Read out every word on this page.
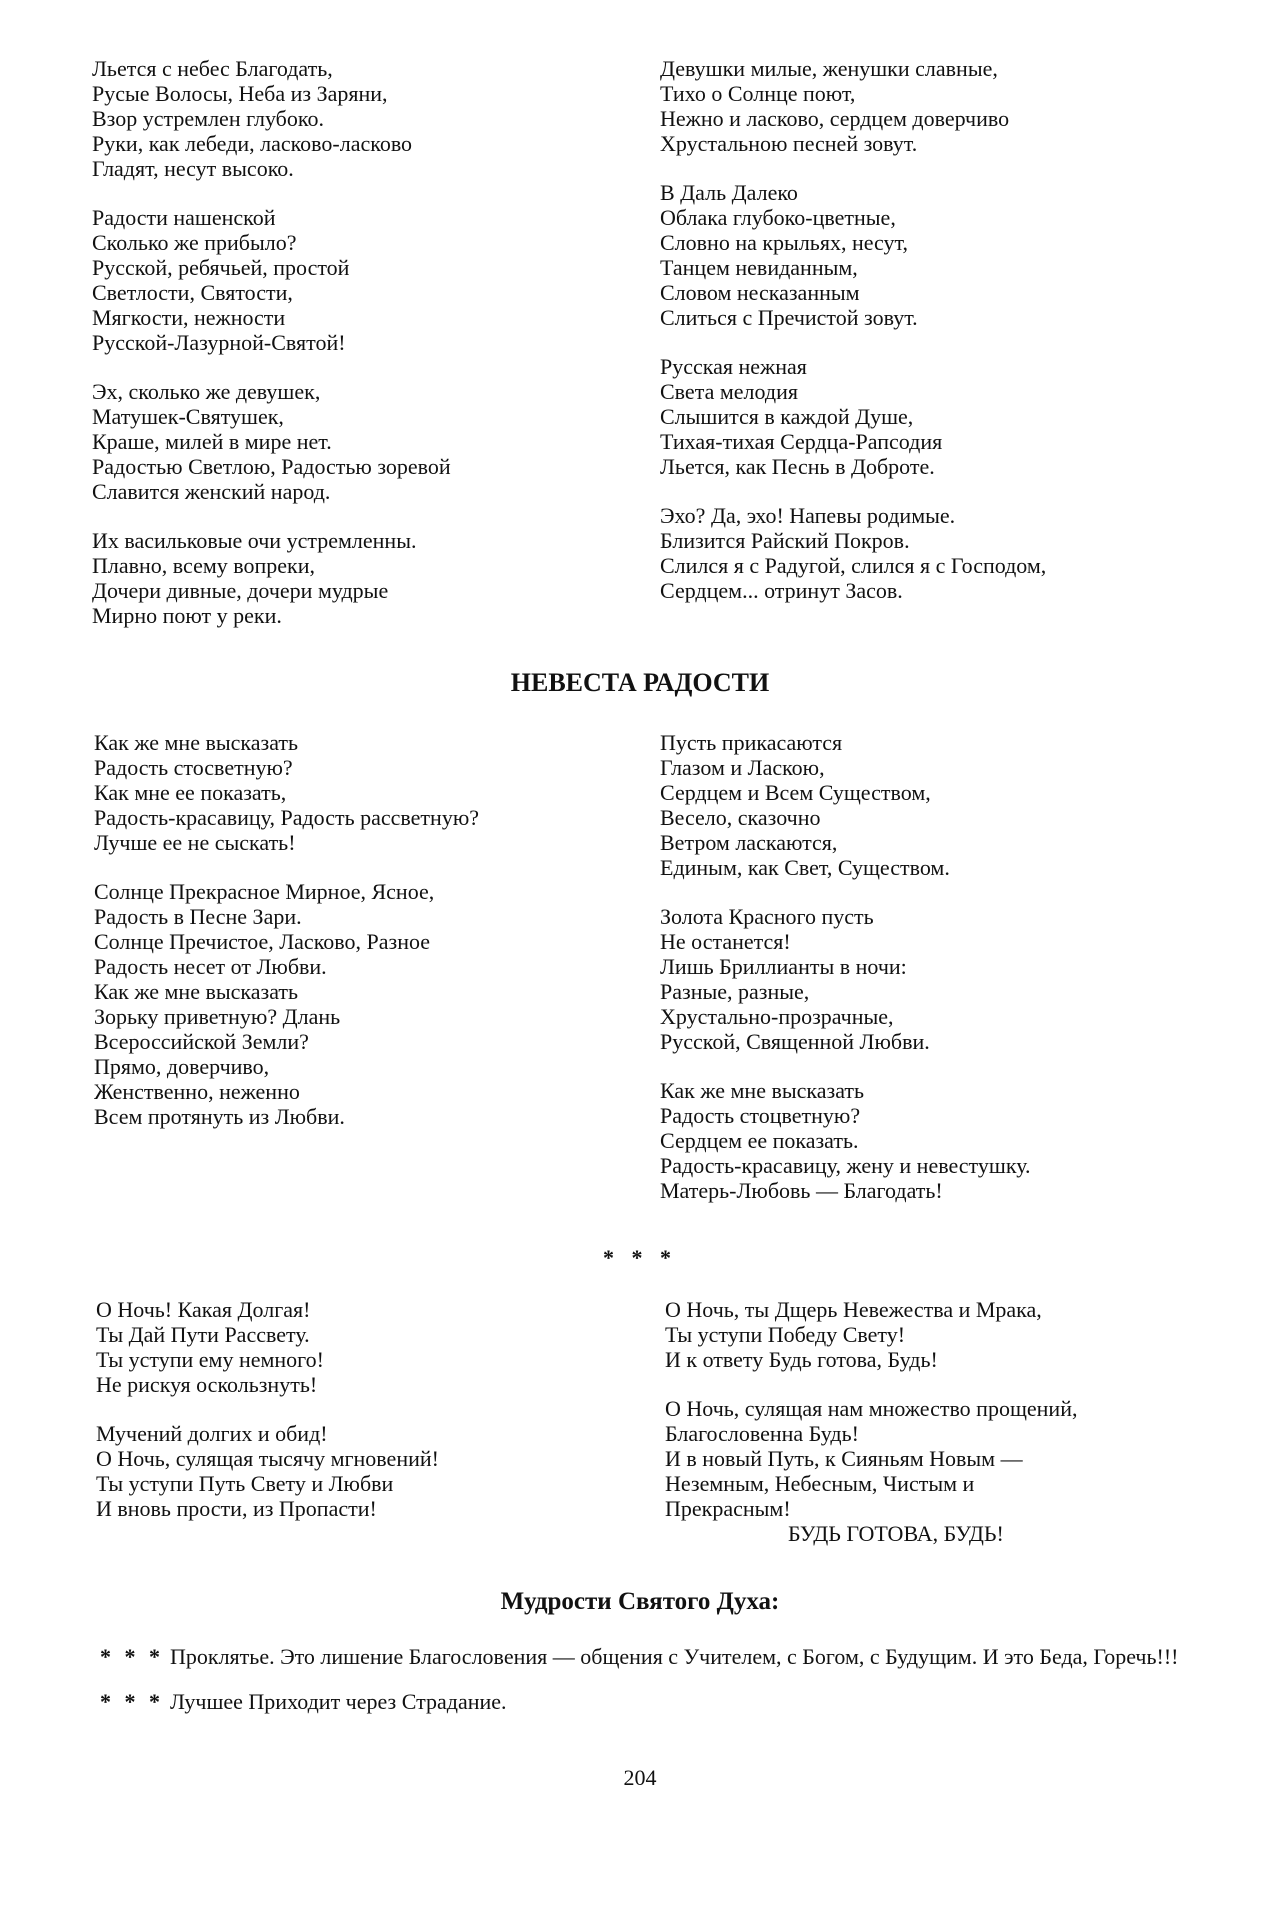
Льется с небес Благодать,
Русые Волосы, Неба из Заряни,
Взор устремлен глубоко.
Руки, как лебеди, ласково-ласково
Гладят, несут высоко.
Радости нашенской
Сколько же прибыло?
Русской, ребячьей, простой
Светлости, Святости,
Мягкости, нежности
Русской-Лазурной-Святой!
Эх, сколько же девушек,
Матушек-Святушек,
Краше, милей в мире нет.
Радостью Светлою, Радостью зоревой
Славится женский народ.
Их васильковые очи устремленны.
Плавно, всему вопреки,
Дочери дивные, дочери мудрые
Мирно поют у реки.
Девушки милые, женушки славные,
Тихо о Солнце поют,
Нежно и ласково, сердцем доверчиво
Хрустальною песней зовут.
В Даль Далеко
Облака глубоко-цветные,
Словно на крыльях, несут,
Танцем невиданным,
Словом несказанным
Слиться с Пречистой зовут.
Русская нежная
Света мелодия
Слышится в каждой Душе,
Тихая-тихая Сердца-Рапсодия
Льется, как Песнь в Доброте.
Эхо? Да, эхо! Напевы родимые.
Близится Райский Покров.
Слился я с Радугой, слился я с Господом,
Сердцем... отринут Засов.
НЕВЕСТА РАДОСТИ
Как же мне высказать
Радость стосветную?
Как мне ее показать,
Радость-красавицу, Радость рассветную?
Лучше ее не сыскать!
Солнце Прекрасное Мирное, Ясное,
Радость в Песне Зари.
Солнце Пречистое, Ласково, Разное
Радость несет от Любви.
Как же мне высказать
Зорьку приветную? Длань
Всероссийской Земли?
Прямо, доверчиво,
Женственно, неженно
Всем протянуть из Любви.
Пусть прикасаются
Глазом и Ласкою,
Сердцем и Всем Существом,
Весело, сказочно
Ветром ласкаются,
Единым, как Свет, Существом.
Золота Красного пусть
Не останется!
Лишь Бриллианты в ночи:
Разные, разные,
Хрустально-прозрачные,
Русской, Священной Любви.
Как же мне высказать
Радость стоцветную?
Сердцем ее показать.
Радость-красавицу, жену и невестушку.
Матерь-Любовь — Благодать!
* * *
О Ночь! Какая Долгая!
Ты Дай Пути Рассвету.
Ты уступи ему немного!
Не рискуя оскользнуть!
Мучений долгих и обид!
О Ночь, сулящая тысячу мгновений!
Ты уступи Путь Свету и Любви
И вновь прости, из Пропасти!
О Ночь, ты Дщерь Невежества и Мрака,
Ты уступи Победу Свету!
И к ответу Будь готова, Будь!
О Ночь, сулящая нам множество прощений,
Благословенна Будь!
И в новый Путь, к Сияньям Новым —
Неземным, Небесным, Чистым и
Прекрасным!
БУДЬ ГОТОВА, БУДЬ!
Мудрости Святого Духа:
* * * Проклятье. Это лишение Благословения — общения с Учителем, с Богом, с Будущим. И это Беда, Горечь!!!
* * * Лучшее Приходит через Страдание.
204
